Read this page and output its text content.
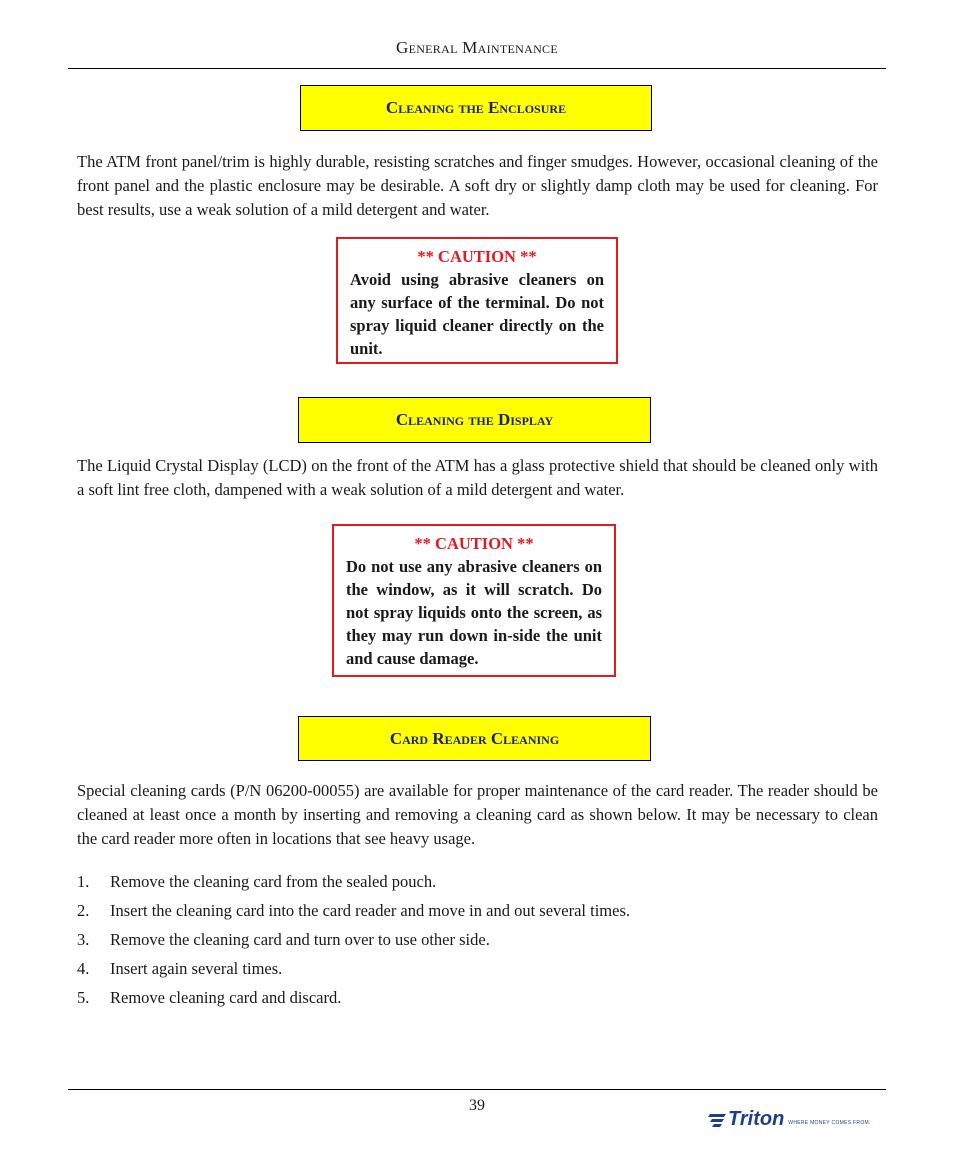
General Maintenance
Cleaning the Enclosure
The ATM front panel/trim is highly durable, resisting scratches and finger smudges. However, occasional cleaning of the front panel and the plastic enclosure may be desirable. A soft dry or slightly damp cloth may be used for cleaning. For best results, use a weak solution of a mild detergent and water.
** CAUTION **
Avoid using abrasive cleaners on any surface of the terminal. Do not spray liquid cleaner directly on the unit.
Cleaning the Display
The Liquid Crystal Display (LCD) on the front of the ATM has a glass protective shield that should be cleaned only with a soft lint free cloth, dampened with a weak solution of a mild detergent and water.
** CAUTION **
Do not use any abrasive cleaners on the window, as it will scratch. Do not spray liquids onto the screen, as they may run down in-side the unit and cause damage.
Card Reader Cleaning
Special cleaning cards (P/N 06200-00055) are available for proper maintenance of the card reader. The reader should be cleaned at least once a month by inserting and removing a cleaning card as shown below. It may be necessary to clean the card reader more often in locations that see heavy usage.
1.	Remove the cleaning card from the sealed pouch.
2.	Insert the cleaning card into the card reader and move in and out several times.
3.	Remove the cleaning card and turn over to use other side.
4.	Insert again several times.
5.	Remove cleaning card and discard.
39
Triton WHERE MONEY COMES FROM.
